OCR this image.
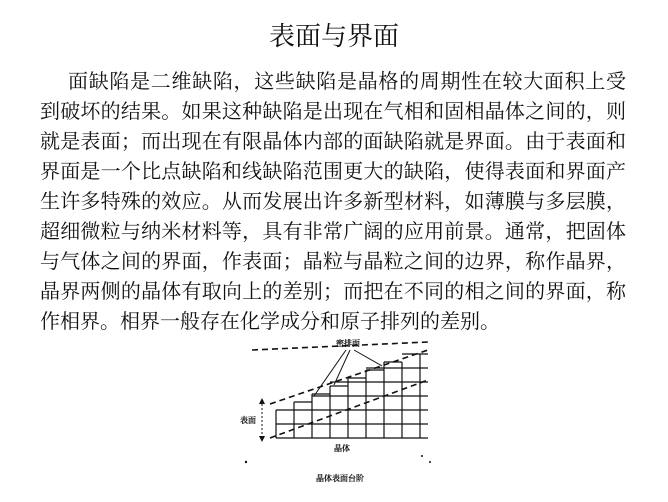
表面与界面
面缺陷是二维缺陷，这些缺陷是晶格的周期性在较大面积上受到破坏的结果。如果这种缺陷是出现在气相和固相晶体之间的，则就是表面；而出现在有限晶体内部的面缺陷就是界面。由于表面和界面是一个比点缺陷和线缺陷范围更大的缺陷，使得表面和界面产生许多特殊的效应。从而发展出许多新型材料，如薄膜与多层膜，超细微粒与纳米材料等，具有非常广阔的应用前景。通常，把固体与气体之间的界面，作表面；晶粒与晶粒之间的边界，称作晶界，晶界两侧的晶体有取向上的差别；而把在不同的相之间的界面，称作相界。相界一般存在化学成分和原子排列的差别。
密排面
表面
晶体
晶体表面台阶
